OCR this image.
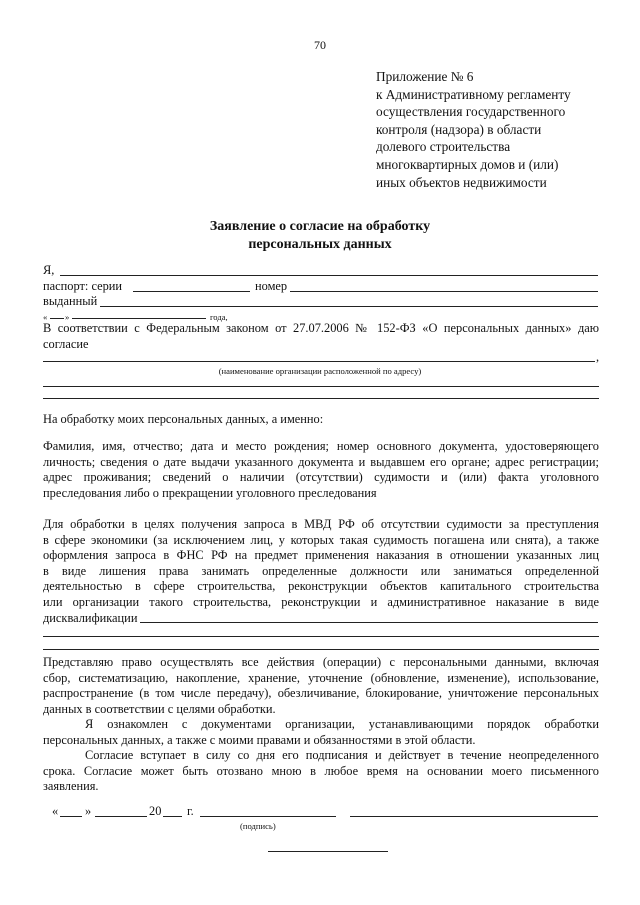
70
Приложение № 6
к Административному регламенту
осуществления государственного
контроля (надзора) в области
долевого строительства
многоквартирных домов и (или)
иных объектов недвижимости
Заявление о согласие на обработку
персональных данных
Я,
паспорт: серии	номер
выданный
« »	года,
В соответствии с Федеральным законом от 27.07.2006 № 152-ФЗ «О персональных данных» даю
согласие
,
(наименование организации расположенной по адресу)
На обработку моих персональных данных, а именно:
Фамилия, имя, отчество; дата и место рождения; номер основного документа, удостоверяющего
личность; сведения о дате выдачи указанного документа и выдавшем его органе; адрес регистрации;
адрес проживания; сведений о наличии (отсутствии) судимости и (или) факта уголовного
преследования либо о прекращении уголовного преследования
Для обработки в целях получения запроса в МВД РФ об отсутствии судимости за преступления
в сфере экономики (за исключением лиц, у которых такая судимость погашена или снята), а также
оформления запроса в ФНС РФ на предмет применения наказания в отношении указанных лиц
в виде лишения права занимать определенные должности или заниматься определенной
деятельностью в сфере строительства, реконструкции объектов капитального строительства
или организации такого строительства, реконструкции и административное наказание в виде
дисквалификации
Представляю право осуществлять все действия (операции) с персональными данными, включая
сбор, систематизацию, накопление, хранение, уточнение (обновление, изменение), использование,
распространение (в том числе передачу), обезличивание, блокирование, уничтожение персональных
данных в соответствии с целями обработки.
Я ознакомлен с документами организации, устанавливающими порядок обработки
персональных данных, а также с моими правами и обязанностями в этой области.
Согласие вступает в силу со дня его подписания и действует в течение неопределенного
срока. Согласие может быть отозвано мною в любое время на основании моего письменного
заявления.
« »	20 г.
(подпись)
